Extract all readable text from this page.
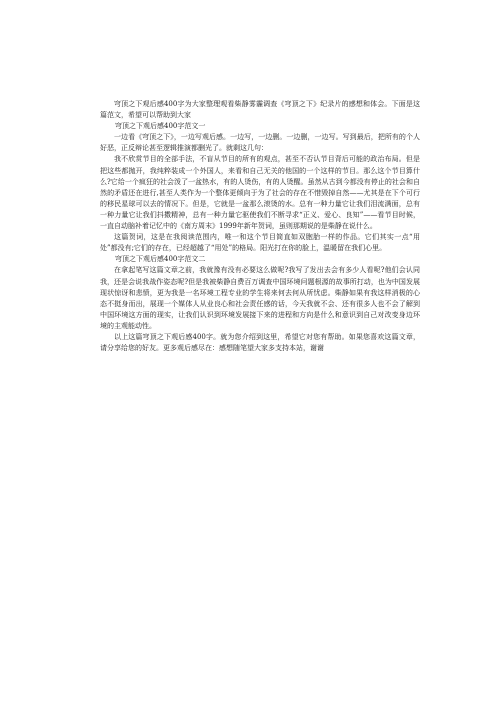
穹顶之下观后感400字为大家整理观看柴静雾霾调查《穹顶之下》纪录片的感想和体会。下面是这篇范文，希望可以帮助到大家

穹顶之下观后感400字范文一

一边看《穹顶之下》，一边写观后感。一边写，一边删。一边删，一边写。写到最后，把所有的个人好恶，正反辩论甚至逻辑推演都删光了。就剩这几句：

我不欣赏节目的全部手法，不盲从节目的所有的观点，甚至不否认节目背后可能的政治布局。但是把这些都抛开，我纯粹装成一个外国人，来看和自己无关的他国的一个这样的节目。那么这个节目算什么?它给一个疯狂的社会泼了一盆热水，有的人烫伤，有的人烫醒。虽然从古到今都没有停止的社会和自然的矛盾还在进行,甚至人类作为一个整体更倾向于为了社会的存在不惜毁掉自然——尤其是在下个可行的移民星球可以去的情况下。但是，它就是一盆那么滚烫的水。总有一种力量它让我们泪流满面，总有一种力量它让我们抖擞精神，总有一种力量它驱使我们不断寻求“正义、爱心、良知”——看节目时候，一直自动脑补着记忆中的《南方周末》1999年新年贺词，虽则那期说的是柴静在说什么。

这篇贺词，这是在我阅读范围内，唯一和这个节目简直如双胞胎一样的作品。它们其实一点“用处”都没有;它们的存在，已经超越了“用处”的格局。阳光打在你的脸上，温暖留在我们心里。

穹顶之下观后感400字范文二

在拿起笔写这篇文章之前，我就豫有没有必要这么做呢?我写了发出去会有多少人看呢?他们会认同我，还是会说我战作姿态呢?但是我被柴静自费百万调查中国环境问题根源的故事所打动，也为中国发展现状惊讶和悲愤，更为我是一名环境工程专业的学生将来何去何从所忧虑。柴静如果有我这样消极的心态不挺身而出，展现一个媒体人从业良心和社会责任感的话，今天我就不会、还有很多人也不会了解到中国环境这方面的现实，让我们认识到环境发展接下来的进程和方向是什么和意识到自己对改变身边环境的主观能动性。

以上这篇穹顶之下观后感400字。就为您介绍到这里，希望它对您有帮助。如果您喜欢这篇文章，请分享给您的好友。更多观后感尽在：感想随笔望大家多支持本站，谢谢
